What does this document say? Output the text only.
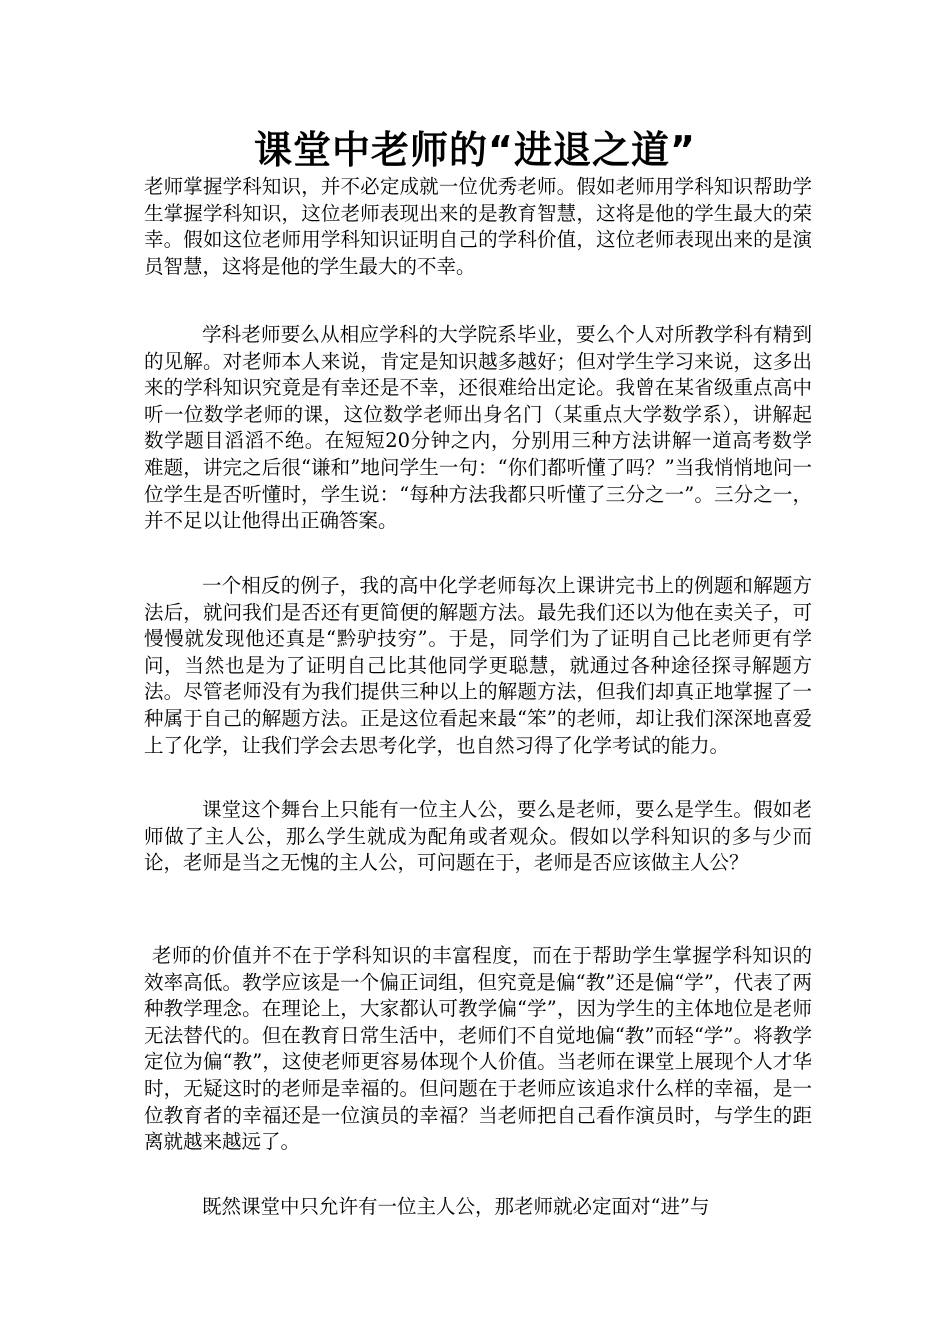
课堂中老师的“进退之道”

老师掌握学科知识，并不必定成就一位优秀老师。假如老师用学科知识帮助学生掌握学科知识，这位老师表现出来的是教育智慧，这将是他的学生最大的荣幸。假如这位老师用学科知识证明自己的学科价值，这位老师表现出来的是演员智慧，这将是他的学生最大的不幸。

学科老师要么从相应学科的大学院系毕业，要么个人对所教学科有精到的见解。对老师本人来说，肯定是知识越多越好；但对学生学习来说，这多出来的学科知识究竟是有幸还是不幸，还很难给出定论。我曾在某省级重点高中听一位数学老师的课，这位数学老师出身名门（某重点大学数学系），讲解起数学题目滔滔不绝。在短短20分钟之内，分别用三种方法讲解一道高考数学难题，讲完之后很“谦和”地问学生一句：“你们都听懂了吗？”当我悄悄地问一位学生是否听懂时，学生说：“每种方法我都只听懂了三分之一”。三分之一，并不足以让他得出正确答案。

一个相反的例子，我的高中化学老师每次上课讲完书上的例题和解题方法后，就问我们是否还有更简便的解题方法。最先我们还以为他在卖关子，可慢慢就发现他还真是“黔驴技穷”。于是，同学们为了证明自己比老师更有学问，当然也是为了证明自己比其他同学更聪慧，就通过各种途径探寻解题方法。尽管老师没有为我们提供三种以上的解题方法，但我们却真正地掌握了一种属于自己的解题方法。正是这位看起来最“笨”的老师，却让我们深深地喜爱上了化学，让我们学会去思考化学，也自然习得了化学考试的能力。

课堂这个舞台上只能有一位主人公，要么是老师，要么是学生。假如老师做了主人公，那么学生就成为配角或者观众。假如以学科知识的多与少而论，老师是当之无愧的主人公，可问题在于，老师是否应该做主人公？

老师的价值并不在于学科知识的丰富程度，而在于帮助学生掌握学科知识的效率高低。教学应该是一个偏正词组，但究竟是偏“教”还是偏“学”，代表了两种教学理念。在理论上，大家都认可教学偏“学”，因为学生的主体地位是老师无法替代的。但在教育日常生活中，老师们不自觉地偏“教”而轻“学”。将教学定位为偏“教”，这使老师更容易体现个人价值。当老师在课堂上展现个人才华时，无疑这时的老师是幸福的。但问题在于老师应该追求什么样的幸福，是一位教育者的幸福还是一位演员的幸福？当老师把自己看作演员时，与学生的距离就越来越远了。

既然课堂中只允许有一位主人公，那老师就必定面对“进”与
